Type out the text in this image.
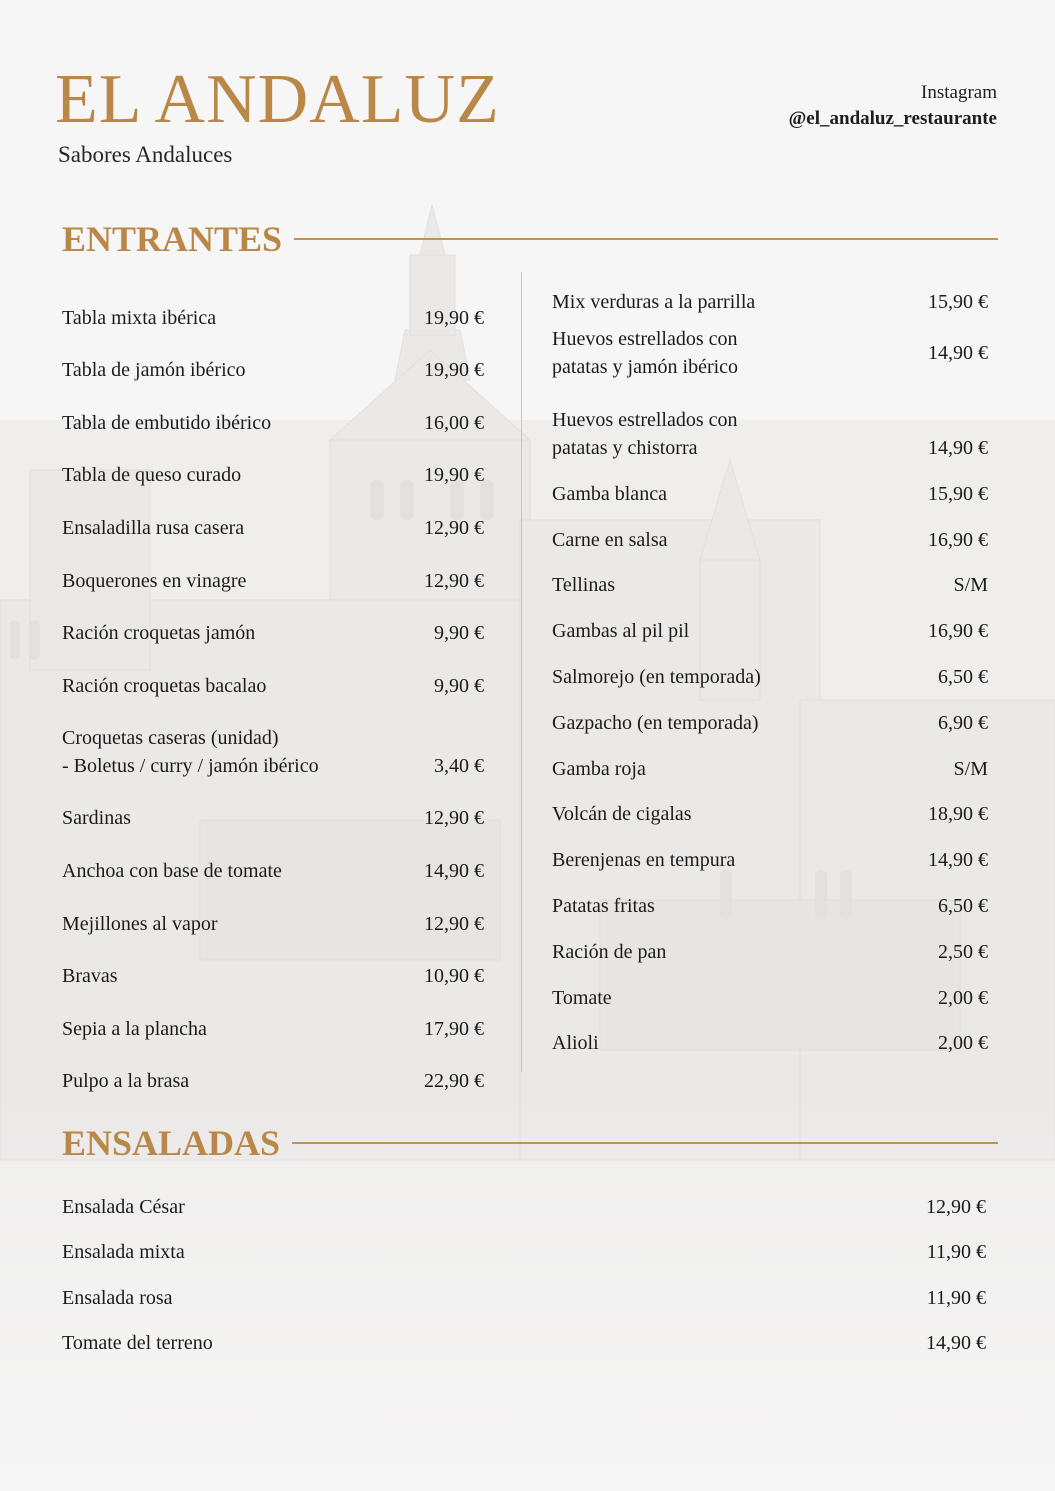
EL ANDALUZ
Sabores Andaluces
Instagram
@el_andaluz_restaurante
ENTRANTES
Tabla mixta ibérica	19,90 €
Tabla de jamón ibérico	19,90 €
Tabla de embutido ibérico	16,00 €
Tabla de queso curado	19,90 €
Ensaladilla rusa casera	12,90 €
Boquerones en vinagre	12,90 €
Ración croquetas jamón	9,90 €
Ración croquetas bacalao	9,90 €
Croquetas caseras (unidad)
- Boletus / curry / jamón ibérico	3,40 €
Sardinas	12,90 €
Anchoa con base de tomate	14,90 €
Mejillones al vapor	12,90 €
Bravas	10,90 €
Sepia a la plancha	17,90 €
Pulpo a la brasa	22,90 €
Mix verduras a la parrilla	15,90 €
Huevos estrellados con
patatas y jamón ibérico
14,90 €
Huevos estrellados con
patatas y chistorra	14,90 €
Gamba blanca	15,90 €
Carne en salsa	16,90 €
Tellinas	S/M
Gambas al pil pil	16,90 €
Salmorejo (en temporada)	6,50 €
Gazpacho (en temporada)	6,90 €
Gamba roja	S/M
Volcán de cigalas	18,90 €
Berenjenas en tempura	14,90 €
Patatas fritas	6,50 €
Ración de pan	2,50 €
Tomate	2,00 €
Alioli	2,00 €
ENSALADAS
Ensalada César	12,90 €
Ensalada mixta	11,90 €
Ensalada rosa	11,90 €
Tomate del terreno	14,90 €
